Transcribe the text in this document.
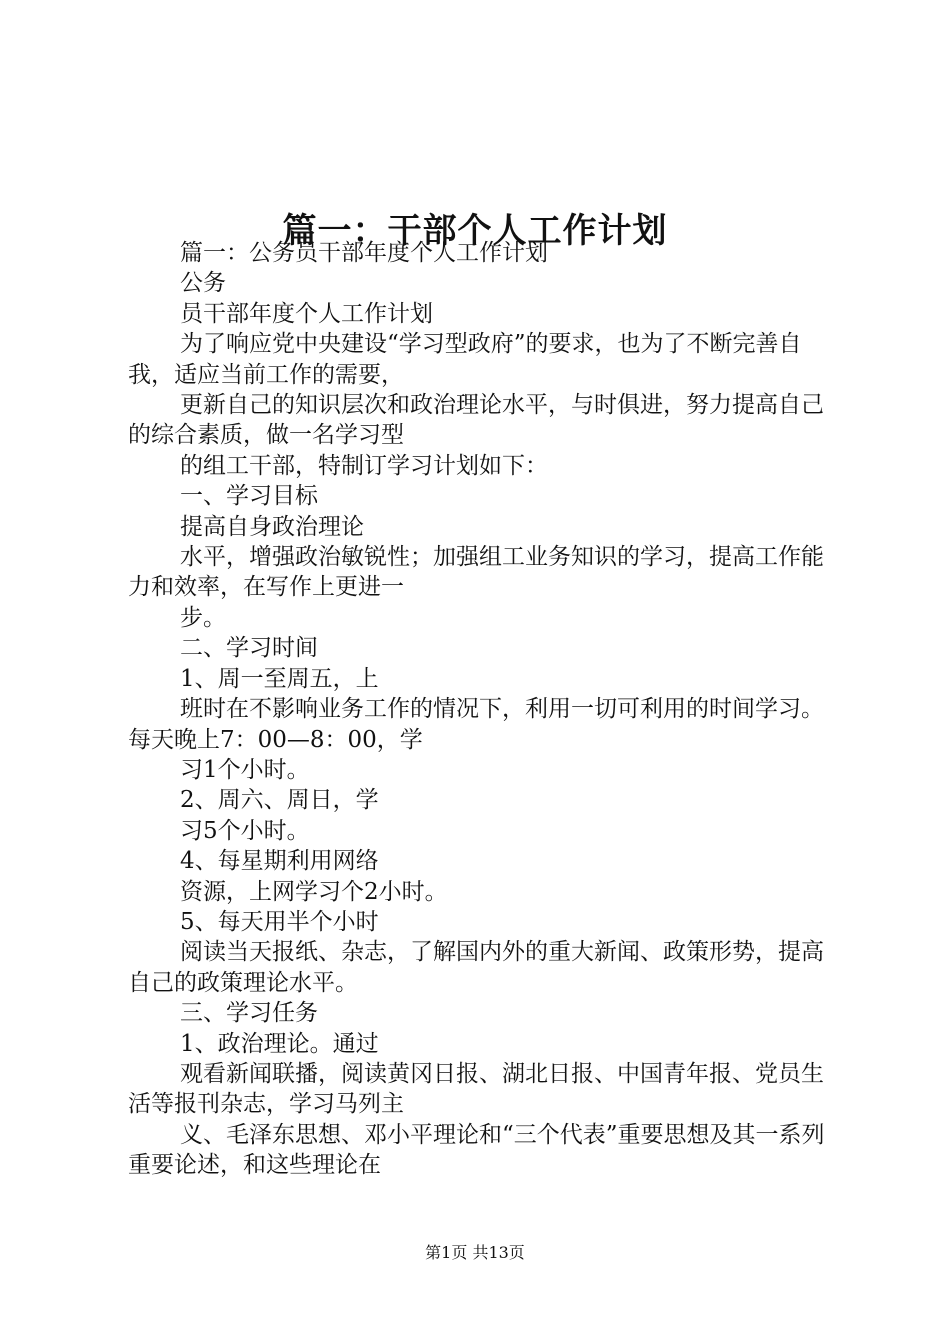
篇一：干部个人工作计划

篇一：公务员干部年度个人工作计划

公务

员干部年度个人工作计划

为了响应党中央建设“学习型政府”的要求，也为了不断完善自我，适应当前工作的需要，

更新自己的知识层次和政治理论水平，与时俱进，努力提高自己的综合素质，做一名学习型

的组工干部，特制订学习计划如下：

一、学习目标

提高自身政治理论

水平，增强政治敏锐性；加强组工业务知识的学习，提高工作能力和效率，在写作上更进一

步。

二、学习时间

1、周一至周五，上

班时在不影响业务工作的情况下，利用一切可利用的时间学习。每天晚上7：00—8：00，学

习1个小时。

2、周六、周日，学

习5个小时。

4、每星期利用网络

资源，上网学习个2小时。

5、每天用半个小时

阅读当天报纸、杂志，了解国内外的重大新闻、政策形势，提高自己的政策理论水平。

三、学习任务

1、政治理论。通过

观看新闻联播，阅读黄冈日报、湖北日报、中国青年报、党员生活等报刊杂志，学习马列主

义、毛泽东思想、邓小平理论和“三个代表”重要思想及其一系列重要论述，和这些理论在

第1页 共13页
